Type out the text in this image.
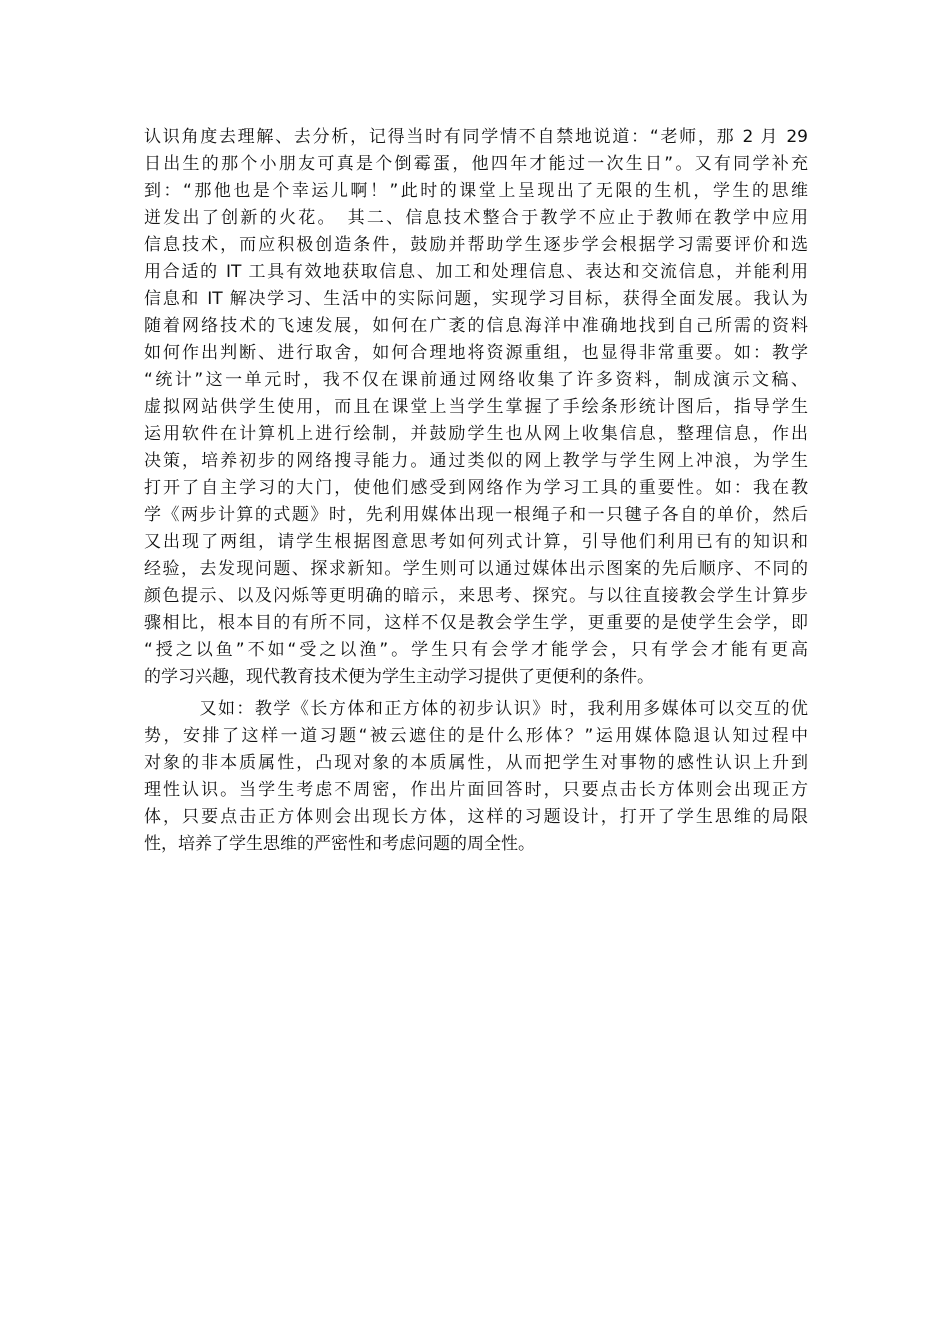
认识角度去理解、去分析，记得当时有同学情不自禁地说道：“老师，那 2 月 29
日出生的那个小朋友可真是个倒霉蛋，他四年才能过一次生日”。又有同学补充
到：“那他也是个幸运儿啊！”此时的课堂上呈现出了无限的生机，学生的思维
迸发出了创新的火花。　其二、信息技术整合于教学不应止于教师在教学中应用
信息技术，而应积极创造条件，鼓励并帮助学生逐步学会根据学习需要评价和选
用合适的 IT 工具有效地获取信息、加工和处理信息、表达和交流信息，并能利用
信息和 IT 解决学习、生活中的实际问题，实现学习目标，获得全面发展。我认为
随着网络技术的飞速发展，如何在广袤的信息海洋中准确地找到自己所需的资料
如何作出判断、进行取舍，如何合理地将资源重组，也显得非常重要。如：教学
“统计”这一单元时，我不仅在课前通过网络收集了许多资料，制成演示文稿、
虚拟网站供学生使用，而且在课堂上当学生掌握了手绘条形统计图后，指导学生
运用软件在计算机上进行绘制，并鼓励学生也从网上收集信息，整理信息，作出
决策，培养初步的网络搜寻能力。通过类似的网上教学与学生网上冲浪，为学生
打开了自主学习的大门，使他们感受到网络作为学习工具的重要性。如：我在教
学《两步计算的式题》时，先利用媒体出现一根绳子和一只毽子各自的单价，然后
又出现了两组，请学生根据图意思考如何列式计算，引导他们利用已有的知识和
经验，去发现问题、探求新知。学生则可以通过媒体出示图案的先后顺序、不同的
颜色提示、以及闪烁等更明确的暗示，来思考、探究。与以往直接教会学生计算步
骤相比，根本目的有所不同，这样不仅是教会学生学，更重要的是使学生会学，即
“授之以鱼”不如“受之以渔”。学生只有会学才能学会，只有学会才能有更高
的学习兴趣，现代教育技术便为学生主动学习提供了更便利的条件。
　　　又如：教学《长方体和正方体的初步认识》时，我利用多媒体可以交互的优
势，安排了这样一道习题“被云遮住的是什么形体？”运用媒体隐退认知过程中
对象的非本质属性，凸现对象的本质属性，从而把学生对事物的感性认识上升到
理性认识。当学生考虑不周密，作出片面回答时，只要点击长方体则会出现正方
体，只要点击正方体则会出现长方体，这样的习题设计，打开了学生思维的局限
性，培养了学生思维的严密性和考虑问题的周全性。
